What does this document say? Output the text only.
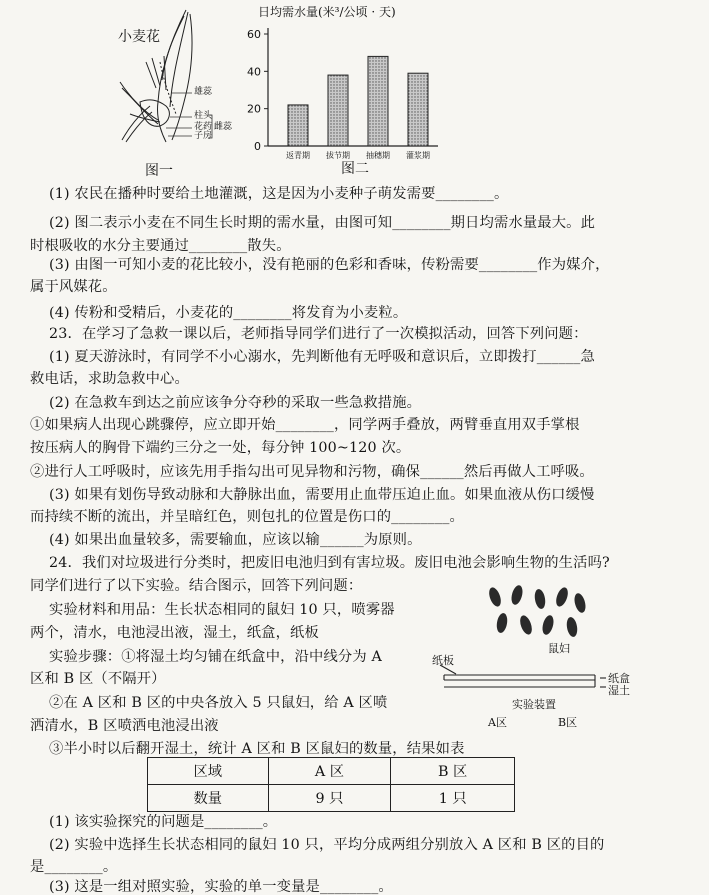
小麦花
雄蕊
柱头
花药
子房
雌蕊
图一
日均需水量(米³/公顷 · 天)
0
20
40
60
返青期 拔节期 抽穗期 灌浆期
图二

(1) 农民在播种时要给土地灌溉，这是因为小麦种子萌发需要________。

(2) 图二表示小麦在不同生长时期的需水量，由图可知________期日均需水量最大。此

时根吸收的水分主要通过________散失。

(3) 由图一可知小麦的花比较小，没有艳丽的色彩和香味，传粉需要________作为媒介，

属于风媒花。

(4) 传粉和受精后，小麦花的________将发育为小麦粒。

23．在学习了急救一课以后，老师指导同学们进行了一次模拟活动，回答下列问题：

(1) 夏天游泳时，有同学不小心溺水，先判断他有无呼吸和意识后，立即拨打______急

救电话，求助急救中心。

(2) 在急救车到达之前应该争分夺秒的采取一些急救措施。

①如果病人出现心跳骤停，应立即开始________，同学两手叠放，两臂垂直用双手掌根

按压病人的胸骨下端约三分之一处，每分钟 100~120 次。

②进行人工呼吸时，应该先用手指勾出可见异物和污物，确保______然后再做人工呼吸。

(3) 如果有划伤导致动脉和大静脉出血，需要用止血带压迫止血。如果血液从伤口缓慢

而持续不断的流出，并呈暗红色，则包扎的位置是伤口的________。

(4) 如果出血量较多，需要输血，应该以输______为原则。

24．我们对垃圾进行分类时，把废旧电池归到有害垃圾。废旧电池会影响生物的生活吗?

同学们进行了以下实验。结合图示，回答下列问题：

实验材料和用品：生长状态相同的鼠妇 10 只，喷雾器

两个，清水，电池浸出液，湿土，纸盒，纸板

实验步骤：①将湿土均匀铺在纸盒中，沿中线分为 A

区和 B 区（不隔开）

②在 A 区和 B 区的中央各放入 5 只鼠妇，给 A 区喷

洒清水，B 区喷洒电池浸出液

③半小时以后翻开湿土，统计 A 区和 B 区鼠妇的数量，结果如表

区域	A 区	B 区
数量	9 只	1 只

(1) 该实验探究的问题是________。

(2) 实验中选择生长状态相同的鼠妇 10 只，平均分成两组分别放入 A 区和 B 区的目的

是________。

(3) 这是一组对照实验，实验的单一变量是________。

鼠妇
纸板
纸盒
湿土
实验装置
A区	B区
